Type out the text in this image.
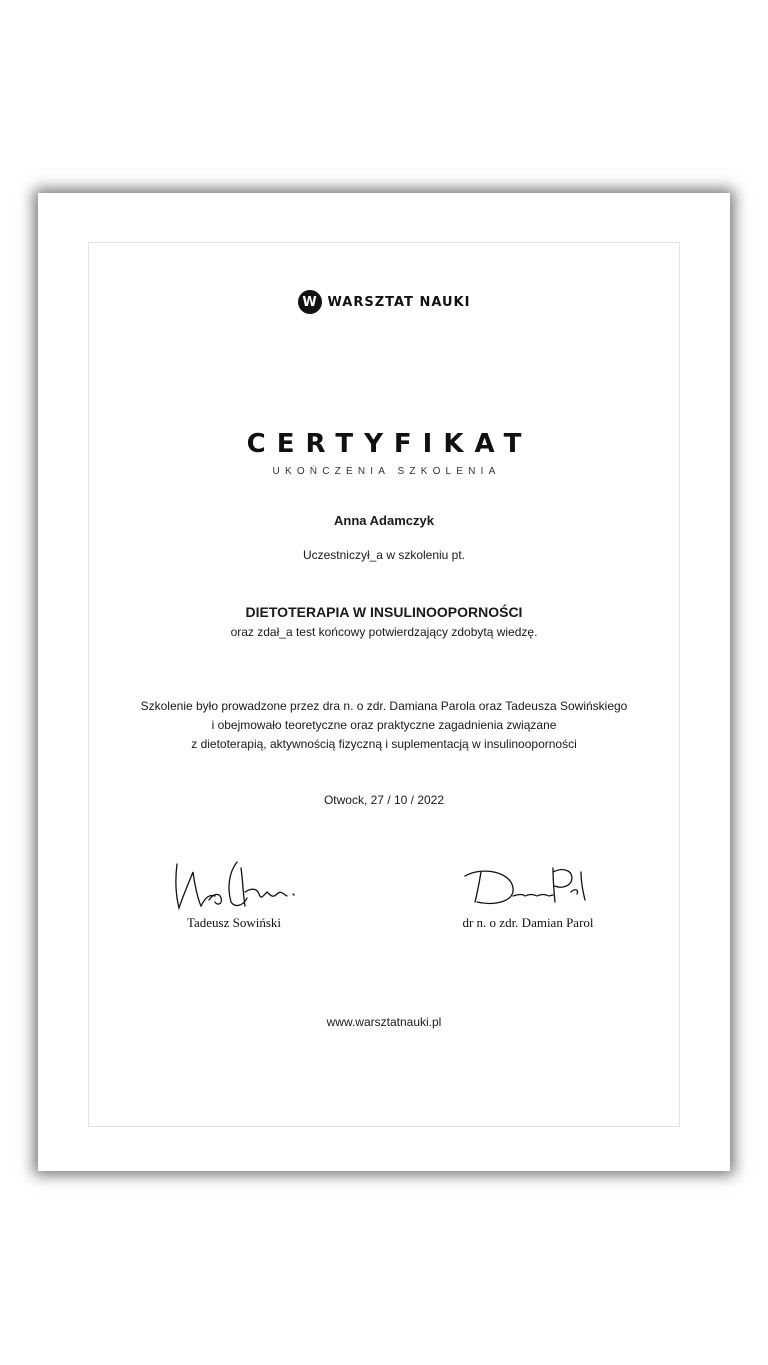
W WARSZTAT NAUKI
CERTYFIKAT
UKOŃCZENIA SZKOLENIA
Anna Adamczyk
Uczestniczył_a w szkoleniu pt.
DIETOTERAPIA W INSULINOOPORNOŚCI
oraz zdał_a test końcowy potwierdzający zdobytą wiedzę.
Szkolenie było prowadzone przez dra n. o zdr. Damiana Parola oraz Tadeusza Sowińskiego
i obejmowało teoretyczne oraz praktyczne zagadnienia związane
z dietoterapią, aktywnością fizyczną i suplementacją w insulinooporności
Otwock, 27 / 10 / 2022
Tadeusz Sowiński	dr n. o zdr. Damian Parol
www.warsztatnauki.pl
